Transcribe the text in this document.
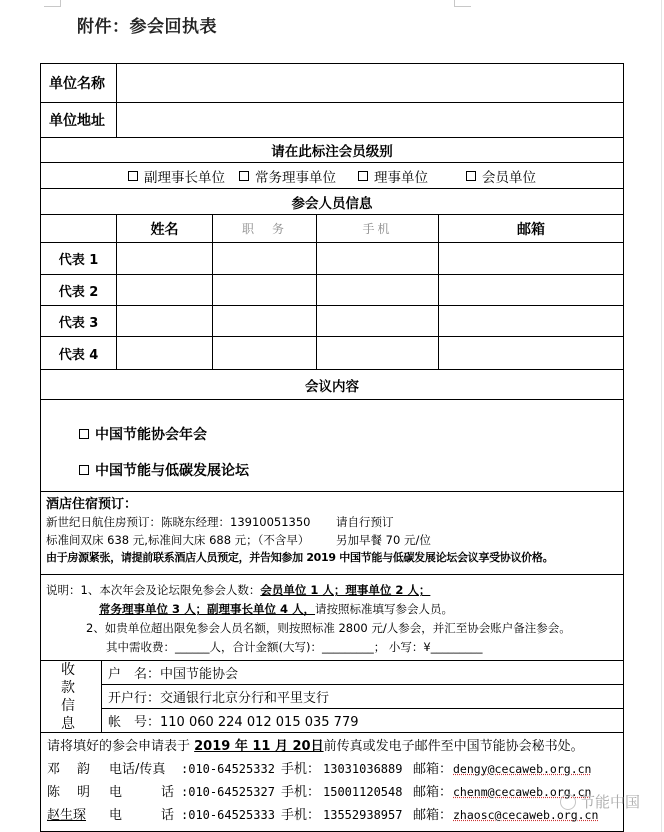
附件：参会回执表
单位名称
单位地址
请在此标注会员级别
副理事长单位 常务理事单位	理事单位	会员单位
参会人员信息
姓名	职　务	手机	邮箱
代表 1
代表 2
代表 3
代表 4
会议内容
中国节能协会年会
中国节能与低碳发展论坛
酒店住宿预订：
新世纪日航住房预订：陈晓东经理：13910051350	请自行预订
标准间双床 638 元,标准间大床 688 元；（不含早）	另加早餐 70 元/位
由于房源紧张，请提前联系酒店人员预定，并告知参加 2019 中国节能与低碳发展论坛会议享受协议价格。
说明：1、本次年会及论坛限免参会人数：会员单位 1 人；理事单位 2 人；
常务理事单位 3 人；副理事长单位 4 人，请按照标准填写参会人员。
2、如贵单位超出限免参会人员名额，则按照标准 2800 元/人参会，并汇至协会账户备注参会。
其中需收费：______人，合计金额(大写)：_________； 小写：¥_________
收 款 信 息
户　名：中国节能协会
开户行：交通银行北京分行和平里支行
帐　号：110 060 224 012 015 035 779
请将填好的参会申请表于 2019 年 11 月 20日前传真或发电子邮件至中国节能协会秘书处。
邓　韵	电话/传真	:010-64525332 手机： 13031036889 邮箱： dengy@cecaweb.org.cn
陈　明	电　　　话 :010-64525327 手机： 15001120548 邮箱： chenm@cecaweb.org.cn
赵生琛	电　　　话 :010-64525333 手机： 13552938957 邮箱： zhaosc@cecaweb.org.cn
节能中国
